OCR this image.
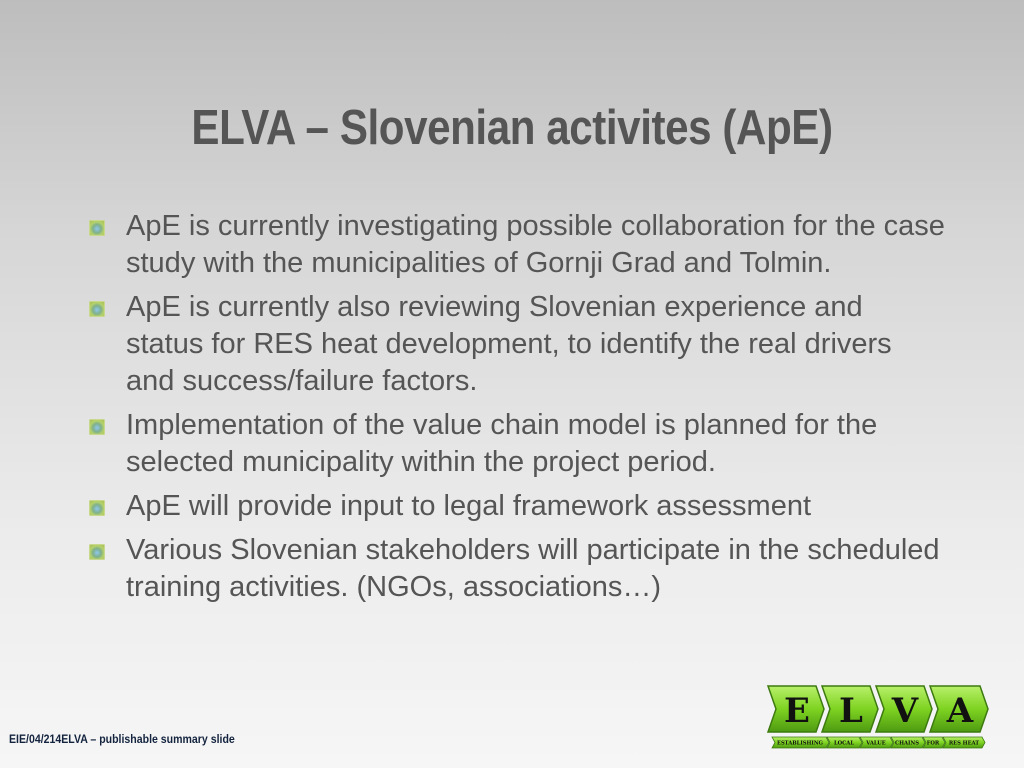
ELVA – Slovenian activites (ApE)
ApE is currently investigating possible collaboration for the case study with the municipalities of Gornji Grad and Tolmin.
ApE is currently also reviewing Slovenian experience and status for RES heat development, to identify the real drivers and success/failure factors.
Implementation of the value chain model is planned for the selected municipality within the project period.
ApE will provide input to legal framework assessment
Various Slovenian stakeholders will participate in the scheduled training activities. (NGOs, associations…)
EIE/04/214ELVA – publishable summary slide
E L V A
ESTABLISHING LOCAL VALUE CHAINS FOR RES HEAT
